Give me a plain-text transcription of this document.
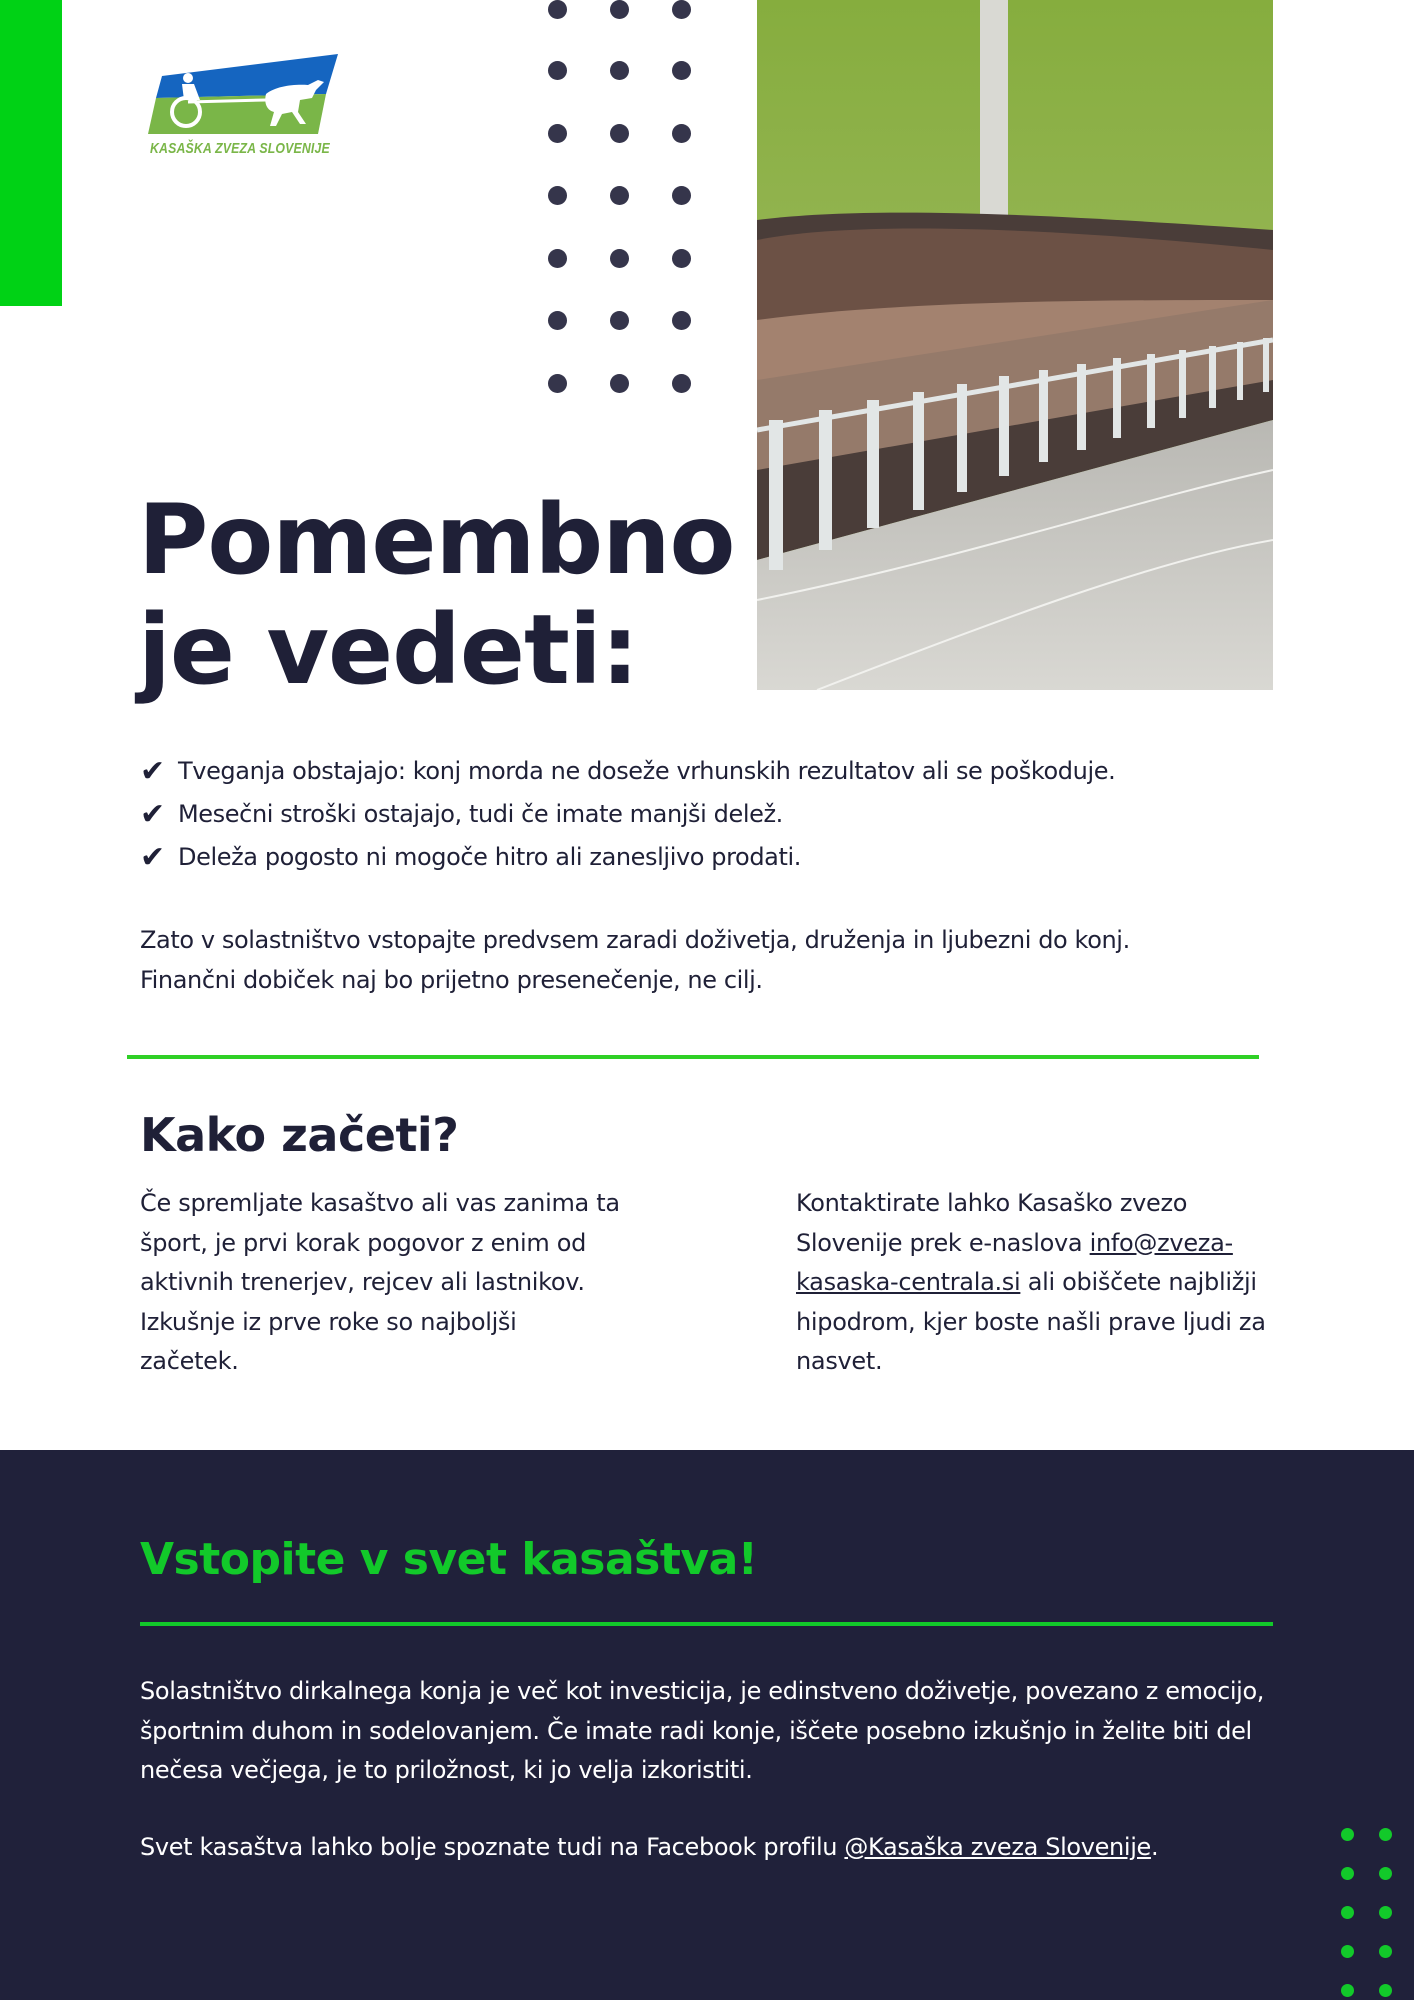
KASAŠKA ZVEZA SLOVENIJE
Pomembno
je vedeti:
✔ Tveganja obstajajo: konj morda ne doseže vrhunskih rezultatov ali se poškoduje.
✔ Mesečni stroški ostajajo, tudi če imate manjši delež.
✔ Deleža pogosto ni mogoče hitro ali zanesljivo prodati.

Zato v solastništvo vstopajte predvsem zaradi doživetja, druženja in ljubezni do konj.
Finančni dobiček naj bo prijetno presenečenje, ne cilj.

Kako začeti?

Če spremljate kasaštvo ali vas zanima ta šport, je prvi korak pogovor z enim od aktivnih trenerjev, rejcev ali lastnikov. Izkušnje iz prve roke so najboljši začetek.

Kontaktirate lahko Kasaško zvezo Slovenije prek e-naslova info@zveza-kasaska-centrala.si ali obiščete najbližji hipodrom, kjer boste našli prave ljudi za nasvet.

Vstopite v svet kasaštva!

Solastništvo dirkalnega konja je več kot investicija, je edinstveno doživetje, povezano z emocijo, športnim duhom in sodelovanjem. Če imate radi konje, iščete posebno izkušnjo in želite biti del nečesa večjega, je to priložnost, ki jo velja izkoristiti.

Svet kasaštva lahko bolje spoznate tudi na Facebook profilu @Kasaška zveza Slovenije.
